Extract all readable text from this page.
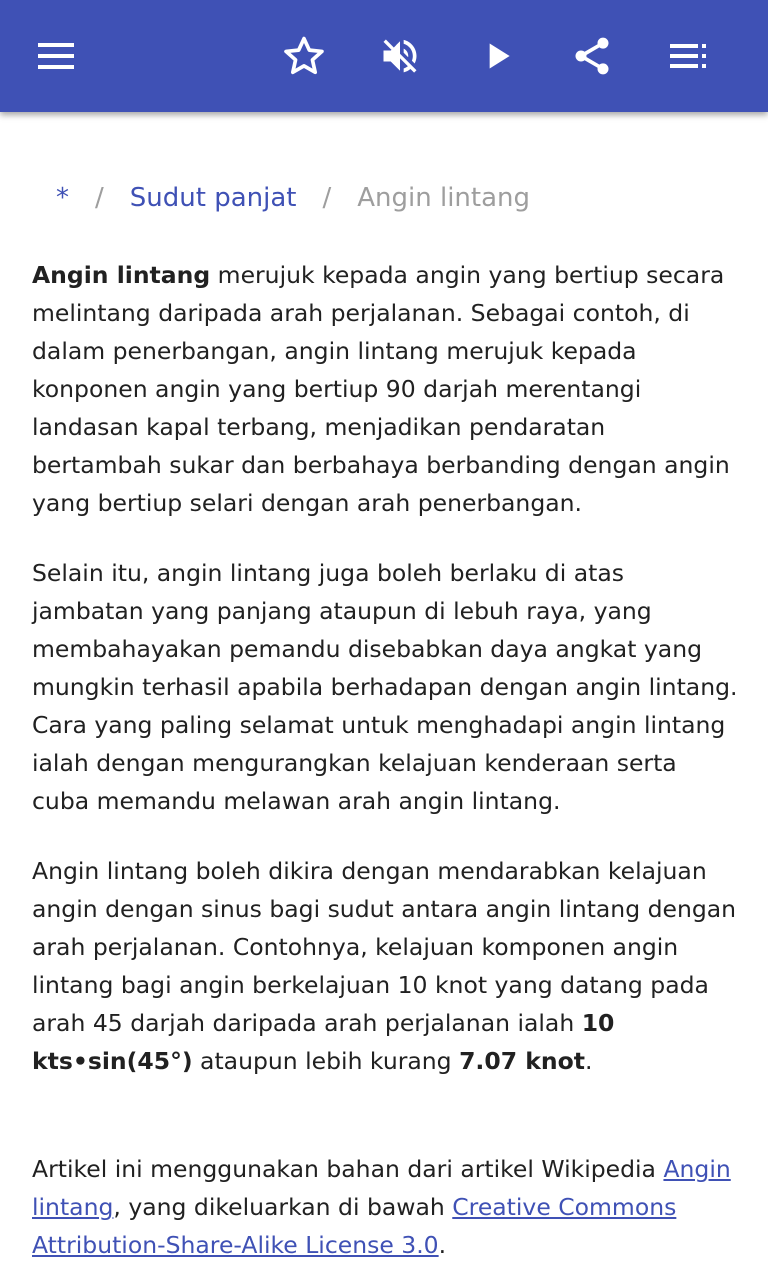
* / Sudut panjat / Angin lintang

Angin lintang merujuk kepada angin yang bertiup secara melintang daripada arah perjalanan. Sebagai contoh, di dalam penerbangan, angin lintang merujuk kepada konponen angin yang bertiup 90 darjah merentangi landasan kapal terbang, menjadikan pendaratan bertambah sukar dan berbahaya berbanding dengan angin yang bertiup selari dengan arah penerbangan.

Selain itu, angin lintang juga boleh berlaku di atas jambatan yang panjang ataupun di lebuh raya, yang membahayakan pemandu disebabkan daya angkat yang mungkin terhasil apabila berhadapan dengan angin lintang. Cara yang paling selamat untuk menghadapi angin lintang ialah dengan mengurangkan kelajuan kenderaan serta cuba memandu melawan arah angin lintang.

Angin lintang boleh dikira dengan mendarabkan kelajuan angin dengan sinus bagi sudut antara angin lintang dengan arah perjalanan. Contohnya, kelajuan komponen angin lintang bagi angin berkelajuan 10 knot yang datang pada arah 45 darjah daripada arah perjalanan ialah 10 kts•sin(45°) ataupun lebih kurang 7.07 knot.

Artikel ini menggunakan bahan dari artikel Wikipedia Angin lintang, yang dikeluarkan di bawah Creative Commons Attribution-Share-Alike License 3.0.
